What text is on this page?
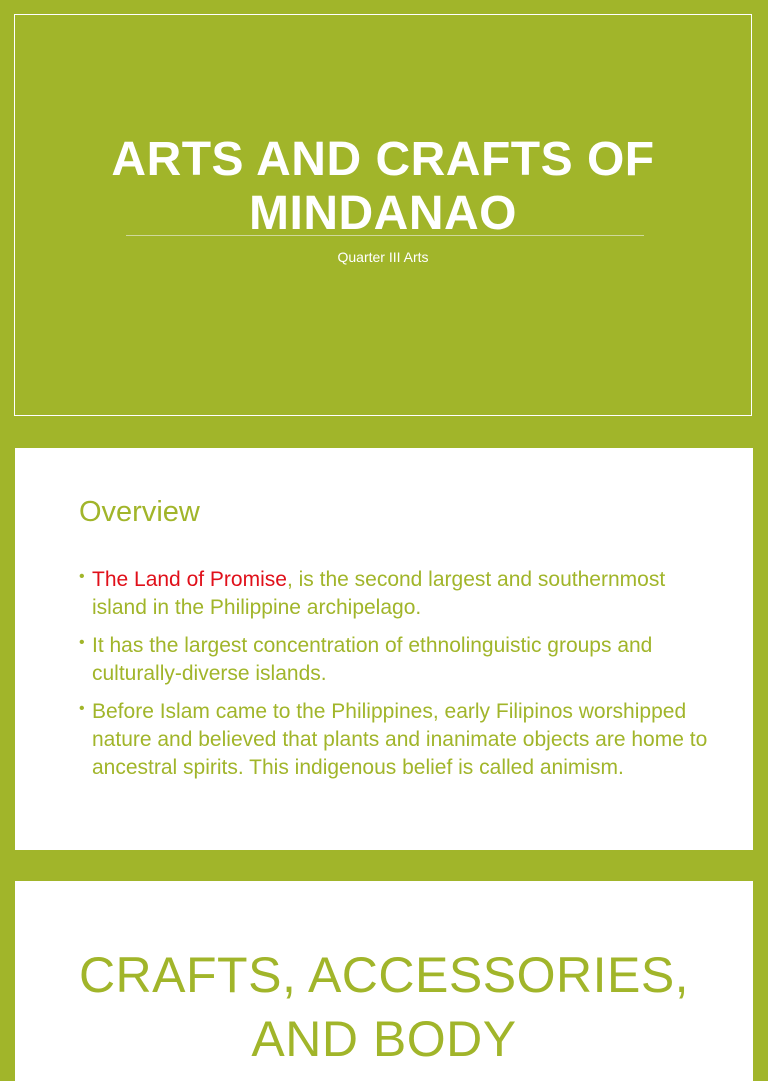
ARTS AND CRAFTS OF
MINDANAO
Quarter III Arts
Overview
• The Land of Promise, is the second largest and southernmost island in the Philippine archipelago.
• It has the largest concentration of ethnolinguistic groups and culturally-diverse islands.
• Before Islam came to the Philippines, early Filipinos worshipped nature and believed that plants and inanimate objects are home to ancestral spirits. This indigenous belief is called animism.
CRAFTS, ACCESSORIES,
AND BODY
